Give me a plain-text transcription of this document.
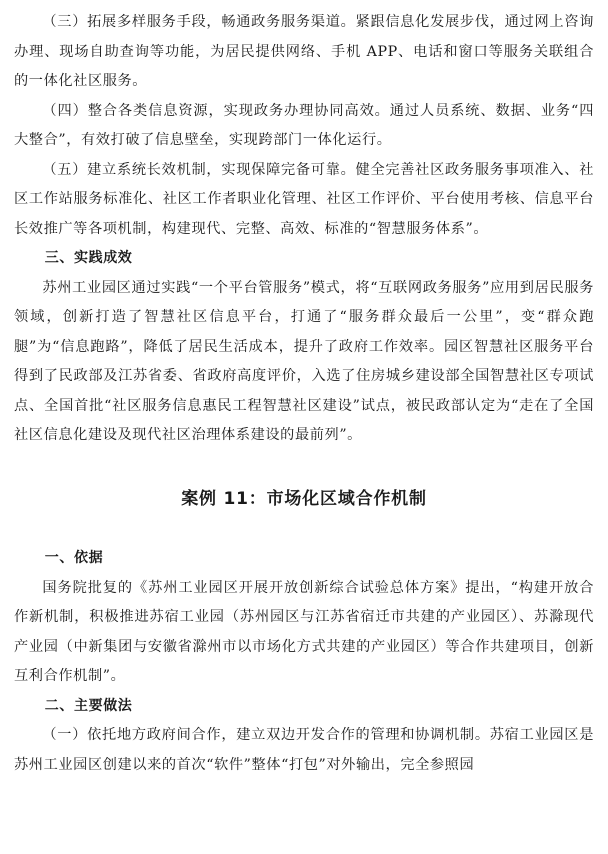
（三）拓展多样服务手段，畅通政务服务渠道。紧跟信息化发展步伐，通过网上咨询办理、现场自助查询等功能，为居民提供网络、手机 APP、电话和窗口等服务关联组合的一体化社区服务。

（四）整合各类信息资源，实现政务办理协同高效。通过人员系统、数据、业务“四大整合”，有效打破了信息壁垒，实现跨部门一体化运行。

（五）建立系统长效机制，实现保障完备可靠。健全完善社区政务服务事项准入、社区工作站服务标准化、社区工作者职业化管理、社区工作评价、平台使用考核、信息平台长效推广等各项机制，构建现代、完整、高效、标准的“智慧服务体系”。

三、实践成效

苏州工业园区通过实践“一个平台管服务”模式，将“互联网政务服务”应用到居民服务领域，创新打造了智慧社区信息平台，打通了“服务群众最后一公里”，变“群众跑腿”为“信息跑路”，降低了居民生活成本，提升了政府工作效率。园区智慧社区服务平台得到了民政部及江苏省委、省政府高度评价，入选了住房城乡建设部全国智慧社区专项试点、全国首批“社区服务信息惠民工程智慧社区建设”试点，被民政部认定为“走在了全国社区信息化建设及现代社区治理体系建设的最前列”。

案例 11：市场化区域合作机制
一、依据

国务院批复的《苏州工业园区开展开放创新综合试验总体方案》提出，“构建开放合作新机制，积极推进苏宿工业园（苏州园区与江苏省宿迁市共建的产业园区）、苏滁现代产业园（中新集团与安徽省滁州市以市场化方式共建的产业园区）等合作共建项目，创新互利合作机制”。

二、主要做法

（一）依托地方政府间合作，建立双边开发合作的管理和协调机制。苏宿工业园区是苏州工业园区创建以来的首次“软件”整体“打包”对外输出，完全参照园
